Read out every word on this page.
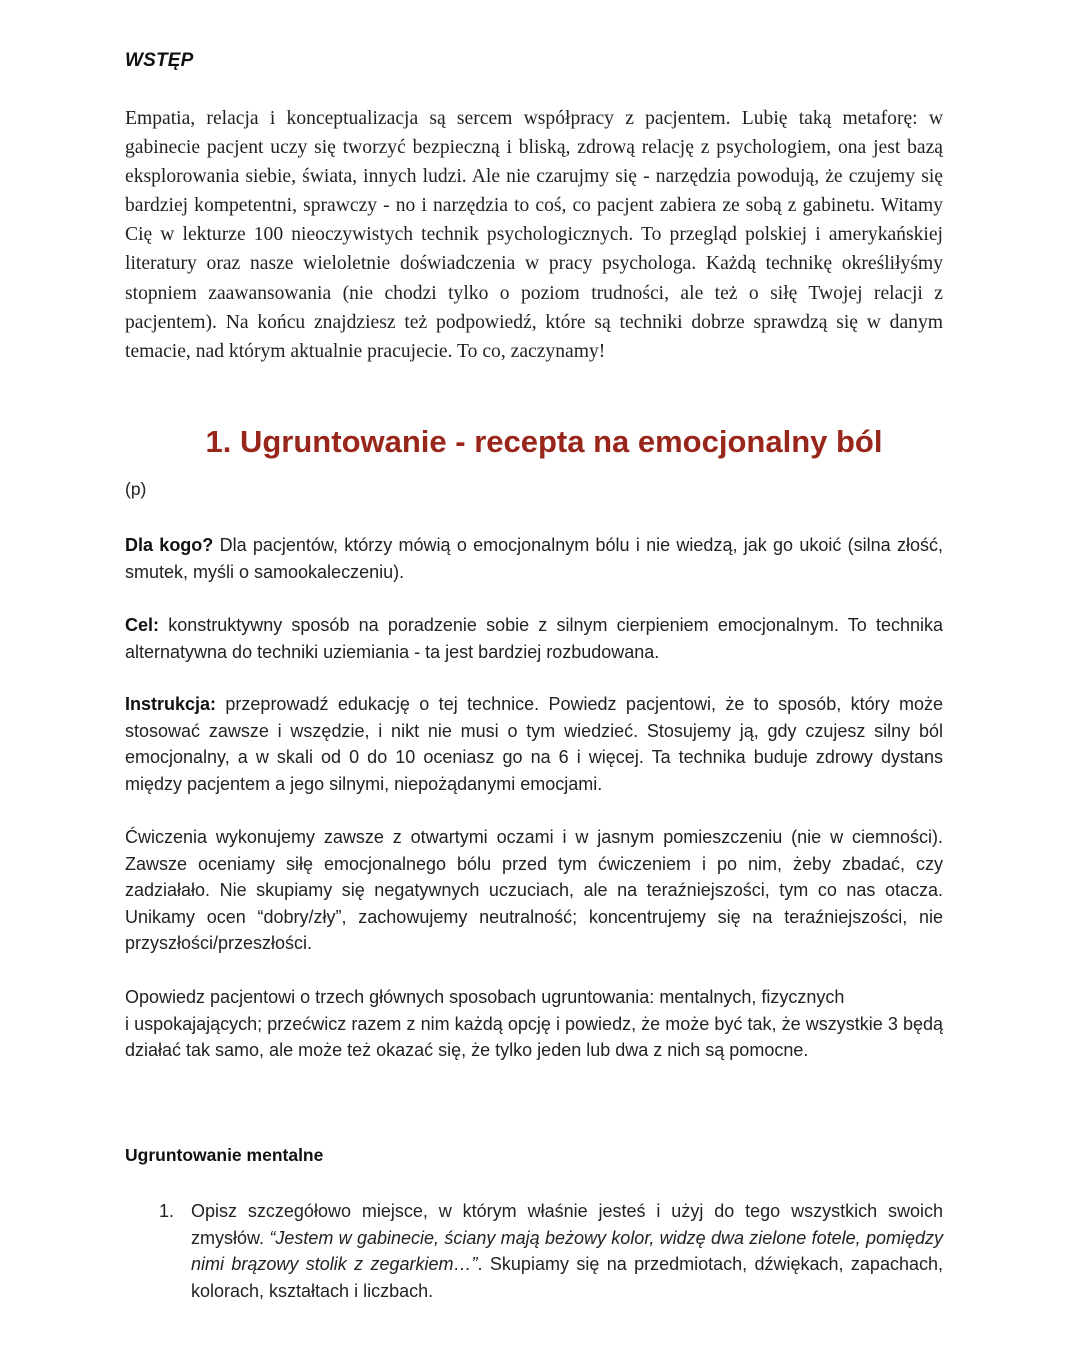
WSTĘP

Empatia, relacja i konceptualizacja są sercem współpracy z pacjentem. Lubię taką metaforę: w gabinecie pacjent uczy się tworzyć bezpieczną i bliską, zdrową relację z psychologiem, ona jest bazą eksplorowania siebie, świata, innych ludzi. Ale nie czarujmy się - narzędzia powodują, że czujemy się bardziej kompetentni, sprawczy - no i narzędzia to coś, co pacjent zabiera ze sobą z gabinetu. Witamy Cię w lekturze 100 nieoczywistych technik psychologicznych. To przegląd polskiej i amerykańskiej literatury oraz nasze wieloletnie doświadczenia w pracy psychologa. Każdą technikę określiłyśmy stopniem zaawansowania (nie chodzi tylko o poziom trudności, ale też o siłę Twojej relacji z pacjentem). Na końcu znajdziesz też podpowiedź, które są techniki dobrze sprawdzą się w danym temacie, nad którym aktualnie pracujecie. To co, zaczynamy!

1. Ugruntowanie - recepta na emocjonalny ból
(p)

Dla kogo? Dla pacjentów, którzy mówią o emocjonalnym bólu i nie wiedzą, jak go ukoić (silna złość, smutek, myśli o samookaleczeniu).

Cel: konstruktywny sposób na poradzenie sobie z silnym cierpieniem emocjonalnym. To technika alternatywna do techniki uziemiania - ta jest bardziej rozbudowana.

Instrukcja: przeprowadź edukację o tej technice. Powiedz pacjentowi, że to sposób, który może stosować zawsze i wszędzie, i nikt nie musi o tym wiedzieć. Stosujemy ją, gdy czujesz silny ból emocjonalny, a w skali od 0 do 10 oceniasz go na 6 i więcej. Ta technika buduje zdrowy dystans między pacjentem a jego silnymi, niepożądanymi emocjami.

Ćwiczenia wykonujemy zawsze z otwartymi oczami i w jasnym pomieszczeniu (nie w ciemności). Zawsze oceniamy siłę emocjonalnego bólu przed tym ćwiczeniem i po nim, żeby zbadać, czy zadziałało. Nie skupiamy się negatywnych uczuciach, ale na teraźniejszości, tym co nas otacza. Unikamy ocen “dobry/zły”, zachowujemy neutralność; koncentrujemy się na teraźniejszości, nie przyszłości/przeszłości.

Opowiedz pacjentowi o trzech głównych sposobach ugruntowania: mentalnych, fizycznych
i uspokajających; przećwicz razem z nim każdą opcję i powiedz, że może być tak, że wszystkie 3 będą działać tak samo, ale może też okazać się, że tylko jeden lub dwa z nich są pomocne.

Ugruntowanie mentalne
1. Opisz szczegółowo miejsce, w którym właśnie jesteś i użyj do tego wszystkich swoich zmysłów. “Jestem w gabinecie, ściany mają beżowy kolor, widzę dwa zielone fotele, pomiędzy nimi brązowy stolik z zegarkiem…”. Skupiamy się na przedmiotach, dźwiękach, zapachach, kolorach, kształtach i liczbach.
